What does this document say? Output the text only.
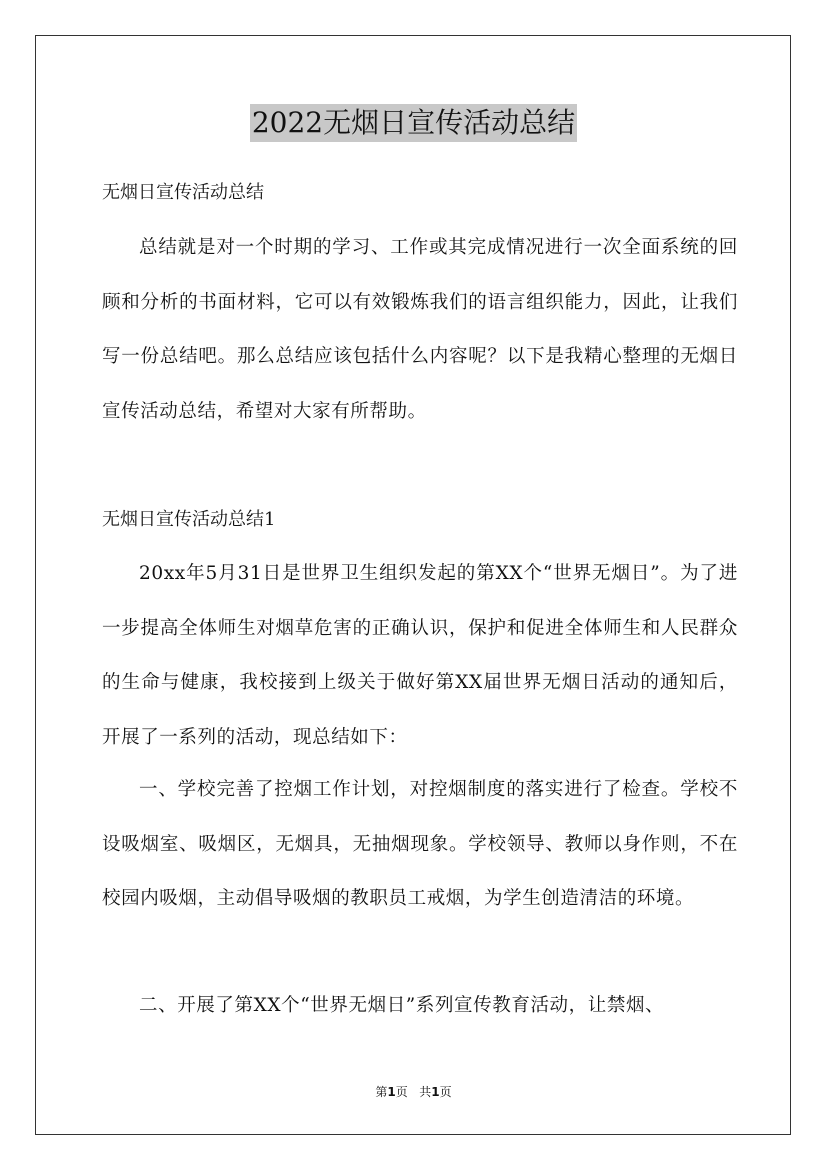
2022无烟日宣传活动总结
无烟日宣传活动总结

总结就是对一个时期的学习、工作或其完成情况进行一次全面系统的回顾和分析的书面材料，它可以有效锻炼我们的语言组织能力，因此，让我们写一份总结吧。那么总结应该包括什么内容呢？以下是我精心整理的无烟日宣传活动总结，希望对大家有所帮助。

无烟日宣传活动总结1

20xx年5月31日是世界卫生组织发起的第XX个“世界无烟日”。为了进一步提高全体师生对烟草危害的正确认识，保护和促进全体师生和人民群众的生命与健康，我校接到上级关于做好第XX届世界无烟日活动的通知后，开展了一系列的活动，现总结如下：

一、学校完善了控烟工作计划，对控烟制度的落实进行了检查。学校不设吸烟室、吸烟区，无烟具，无抽烟现象。学校领导、教师以身作则，不在校园内吸烟，主动倡导吸烟的教职员工戒烟，为学生创造清洁的环境。

二、开展了第XX个“世界无烟日”系列宣传教育活动，让禁烟、

第1页   共1页
